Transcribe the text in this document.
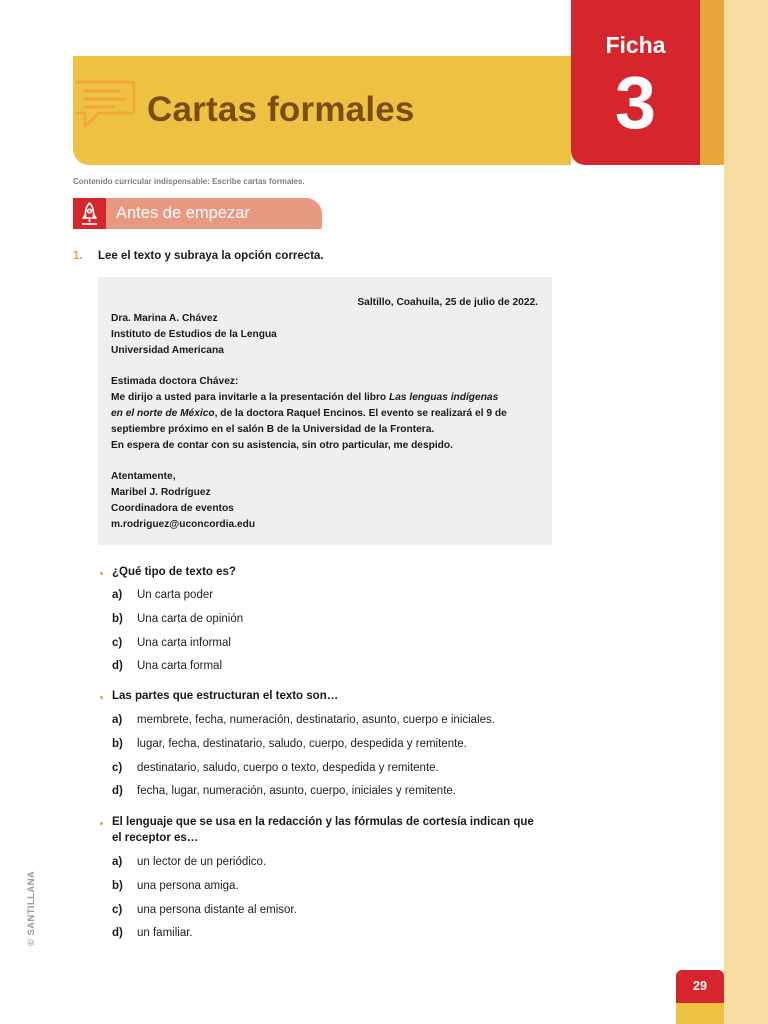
Cartas formales
Ficha
3
Contenido curricular indispensable: Escribe cartas formales.
Antes de empezar
1. Lee el texto y subraya la opción correcta.
Saltillo, Coahuila, 25 de julio de 2022.
Dra. Marina A. Chávez
Instituto de Estudios de la Lengua
Universidad Americana
Estimada doctora Chávez:
Me dirijo a usted para invitarle a la presentación del libro Las lenguas indígenas
en el norte de México, de la doctora Raquel Encinos. El evento se realizará el 9 de
septiembre próximo en el salón B de la Universidad de la Frontera.
En espera de contar con su asistencia, sin otro particular, me despido.
Atentamente,
Maribel J. Rodríguez
Coordinadora de eventos
m.rodriguez@uconcordia.edu
¿Qué tipo de texto es?
a) Un carta poder
b) Una carta de opinión
c) Una carta informal
d) Una carta formal
Las partes que estructuran el texto son…
a) membrete, fecha, numeración, destinatario, asunto, cuerpo e iniciales.
b) lugar, fecha, destinatario, saludo, cuerpo, despedida y remitente.
c) destinatario, saludo, cuerpo o texto, despedida y remitente.
d) fecha, lugar, numeración, asunto, cuerpo, iniciales y remitente.
El lenguaje que se usa en la redacción y las fórmulas de cortesía indican que
el receptor es…
a) un lector de un periódico.
b) una persona amiga.
c) una persona distante al emisor.
d) un familiar.
© SANTILLANA
29
